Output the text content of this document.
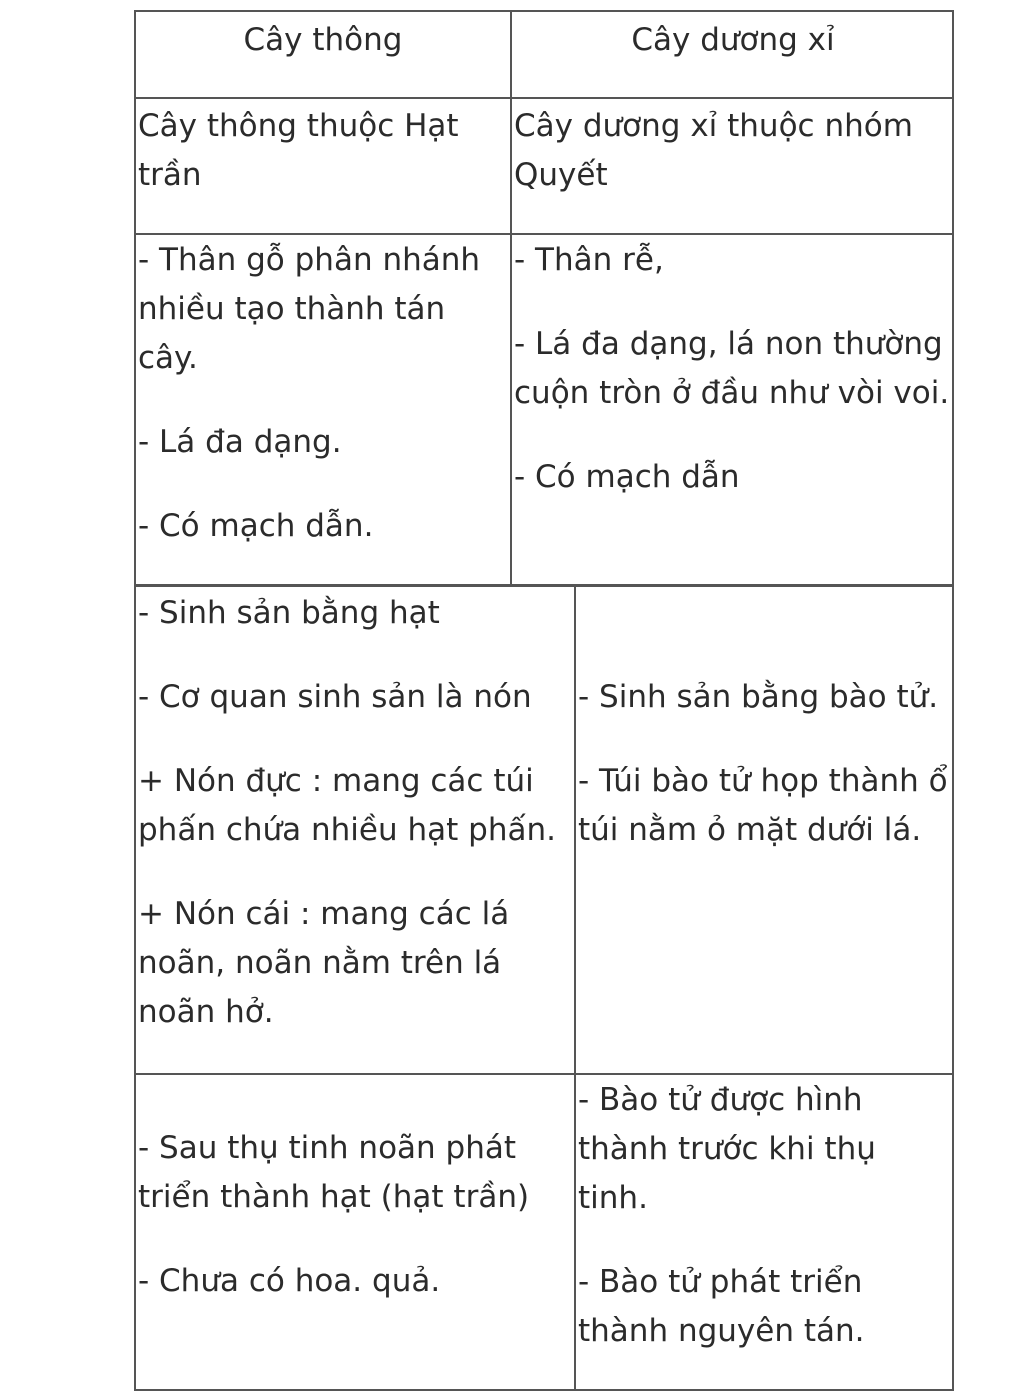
Cây thông	Cây dương xỉ

Cây thông thuộc Hạt trần

Cây dương xỉ thuộc nhóm Quyết

- Thân gỗ phân nhánh nhiều tạo thành tán cây.

- Lá đa dạng.

- Có mạch dẫn.

- Thân rễ,

- Lá đa dạng, lá non thường cuộn tròn ở đầu như vòi voi.

- Có mạch dẫn

- Sinh sản bằng hạt

- Cơ quan sinh sản là nón

+ Nón đực : mang các túi phấn chứa nhiều hạt phấn.

+ Nón cái : mang các lá noãn, noãn nằm trên lá noãn hở.

- Sinh sản bằng bào tử.

- Túi bào tử họp thành ổ túi nằm ỏ mặt dưới lá.

- Sau thụ tinh noãn phát triển thành hạt (hạt trần)

- Chưa có hoa. quả.

- Bào tử được hình thành trước khi thụ tinh.

- Bào tử phát triển thành nguyên tán.
